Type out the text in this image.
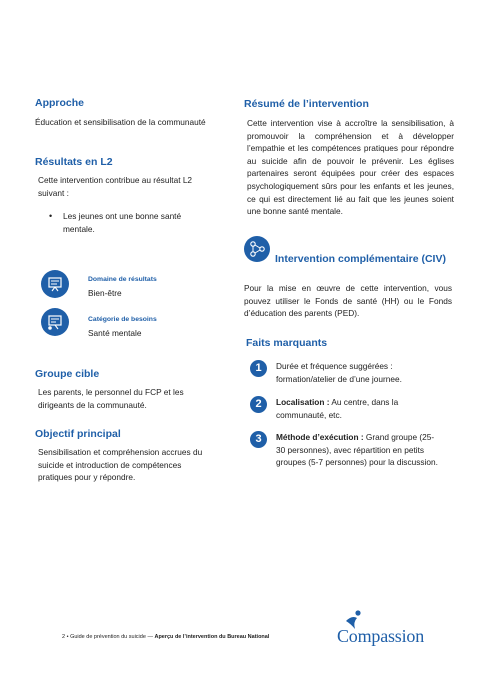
Approche

Éducation et sensibilisation de la communauté

Résultats en L2

Cette intervention contribue au résultat L2 suivant :

•	Les jeunes ont une bonne santé mentale.
Domaine de résultats
Bien-être
Catégorie de besoins
Santé mentale
Groupe cible

Les parents, le personnel du FCP et les dirigeants de la communauté.

Objectif principal

Sensibilisation et compréhension accrues du suicide et introduction de compétences pratiques pour y répondre.

Résumé de l’intervention

Cette intervention vise à accroître la sensibilisation, à promouvoir la compréhension et à développer l’empathie et les compétences pratiques pour répondre au suicide afin de pouvoir le prévenir. Les églises partenaires seront équipées pour créer des espaces psychologiquement sûrs pour les enfants et les jeunes, ce qui est directement lié au fait que les jeunes soient une bonne santé mentale.

Intervention complémentaire (CIV)

Pour la mise en œuvre de cette intervention, vous pouvez utiliser le Fonds de santé (HH) ou le Fonds d’éducation des parents (PED).

Faits marquants
1	Durée et fréquence suggérées : formation/atelier de d’une journee.
2	Localisation : Au centre, dans la communauté, etc.
3	Méthode d’exécution : Grand groupe (25-30 personnes), avec répartition en petits groupes (5-7 personnes) pour la discussion.
2 • Guide de prévention du suicide — Aperçu de l’intervention du Bureau National	Compassion
